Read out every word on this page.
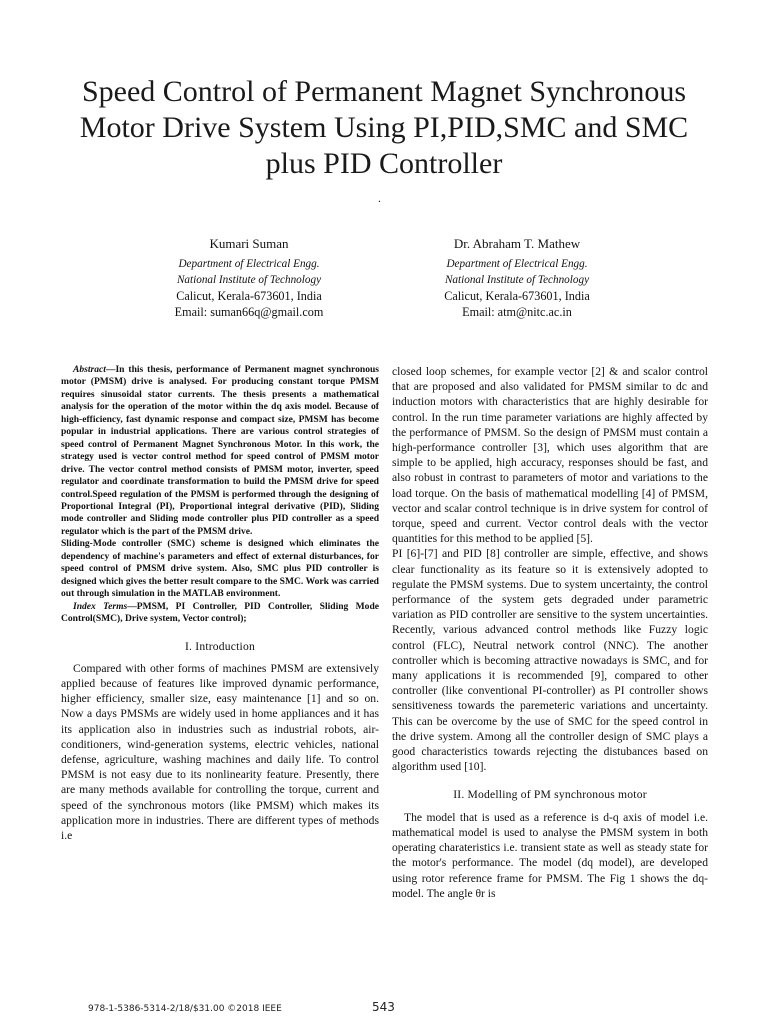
Speed Control of Permanent Magnet Synchronous Motor Drive System Using PI,PID,SMC and SMC plus PID Controller
.
Kumari Suman
Department of Electrical Engg.
National Institute of Technology
Calicut, Kerala-673601, India
Email: suman66q@gmail.com
Dr. Abraham T. Mathew
Department of Electrical Engg.
National Institute of Technology
Calicut, Kerala-673601, India
Email: atm@nitc.ac.in

Abstract—In this thesis, performance of Permanent magnet synchronous motor (PMSM) drive is analysed. For producing constant torque PMSM requires sinusoidal stator currents. The thesis presents a mathematical analysis for the operation of the motor within the dq axis model. Because of high-efficiency, fast dynamic response and compact size, PMSM has become popular in industrial applications. There are various control strategies of speed control of Permanent Magnet Synchronous Motor. In this work, the strategy used is vector control method for speed control of PMSM motor drive. The vector control method consists of PMSM motor, inverter, speed regulator and coordinate transformation to build the PMSM drive for speed control.Speed regulation of the PMSM is performed through the designing of Proportional Integral (PI), Proportional integral derivative (PID), Sliding mode controller and Sliding mode controller plus PID controller as a speed regulator which is the part of the PMSM drive.

Sliding-Mode controller (SMC) scheme is designed which eliminates the dependency of machine's parameters and effect of external disturbances, for speed control of PMSM drive system. Also, SMC plus PID controller is designed which gives the better result compare to the SMC. Work was carried out through simulation in the MATLAB environment.

Index Terms—PMSM, PI Controller, PID Controller, Sliding Mode Control(SMC), Drive system, Vector control);

I. Introduction

Compared with other forms of machines PMSM are extensively applied because of features like improved dynamic performance, higher efficiency, smaller size, easy maintenance [1] and so on. Now a days PMSMs are widely used in home appliances and it has its application also in industries such as industrial robots, air-conditioners, wind-generation systems, electric vehicles, national defense, agriculture, washing machines and daily life. To control PMSM is not easy due to its nonlinearity feature. Presently, there are many methods available for controlling the torque, current and speed of the synchronous motors (like PMSM) which makes its application more in industries. There are different types of methods i.e

closed loop schemes, for example vector [2] & and scalor control that are proposed and also validated for PMSM similar to dc and induction motors with characteristics that are highly desirable for control. In the run time parameter variations are highly affected by the performance of PMSM. So the design of PMSM must contain a high-performance controller [3], which uses algorithm that are simple to be applied, high accuracy, responses should be fast, and also robust in contrast to parameters of motor and variations to the load torque. On the basis of mathematical modelling [4] of PMSM, vector and scalar control technique is in drive system for control of torque, speed and current. Vector control deals with the vector quantities for this method to be applied [5].

PI [6]-[7] and PID [8] controller are simple, effective, and shows clear functionality as its feature so it is extensively adopted to regulate the PMSM systems. Due to system uncertainty, the control performance of the system gets degraded under parametric variation as PID controller are sensitive to the system uncertainties. Recently, various advanced control methods like Fuzzy logic control (FLC), Neutral network control (NNC). The another controller which is becoming attractive nowadays is SMC, and for many applications it is recommended [9], compared to other controller (like conventional PI-controller) as PI controller shows sensitiveness towards the paremeteric variations and uncertainty. This can be overcome by the use of SMC for the speed control in the drive system. Among all the controller design of SMC plays a good characteristics towards rejecting the distubances based on algorithm used [10].

II. Modelling of PM synchronous motor

The model that is used as a reference is d-q axis of model i.e. mathematical model is used to analyse the PMSM system in both operating charateristics i.e. transient state as well as steady state for the motor's performance. The model (dq model), are developed using rotor reference frame for PMSM. The Fig 1 shows the dq-model. The angle θr is

978-1-5386-5314-2/18/$31.00 ©2018 IEEE	543
